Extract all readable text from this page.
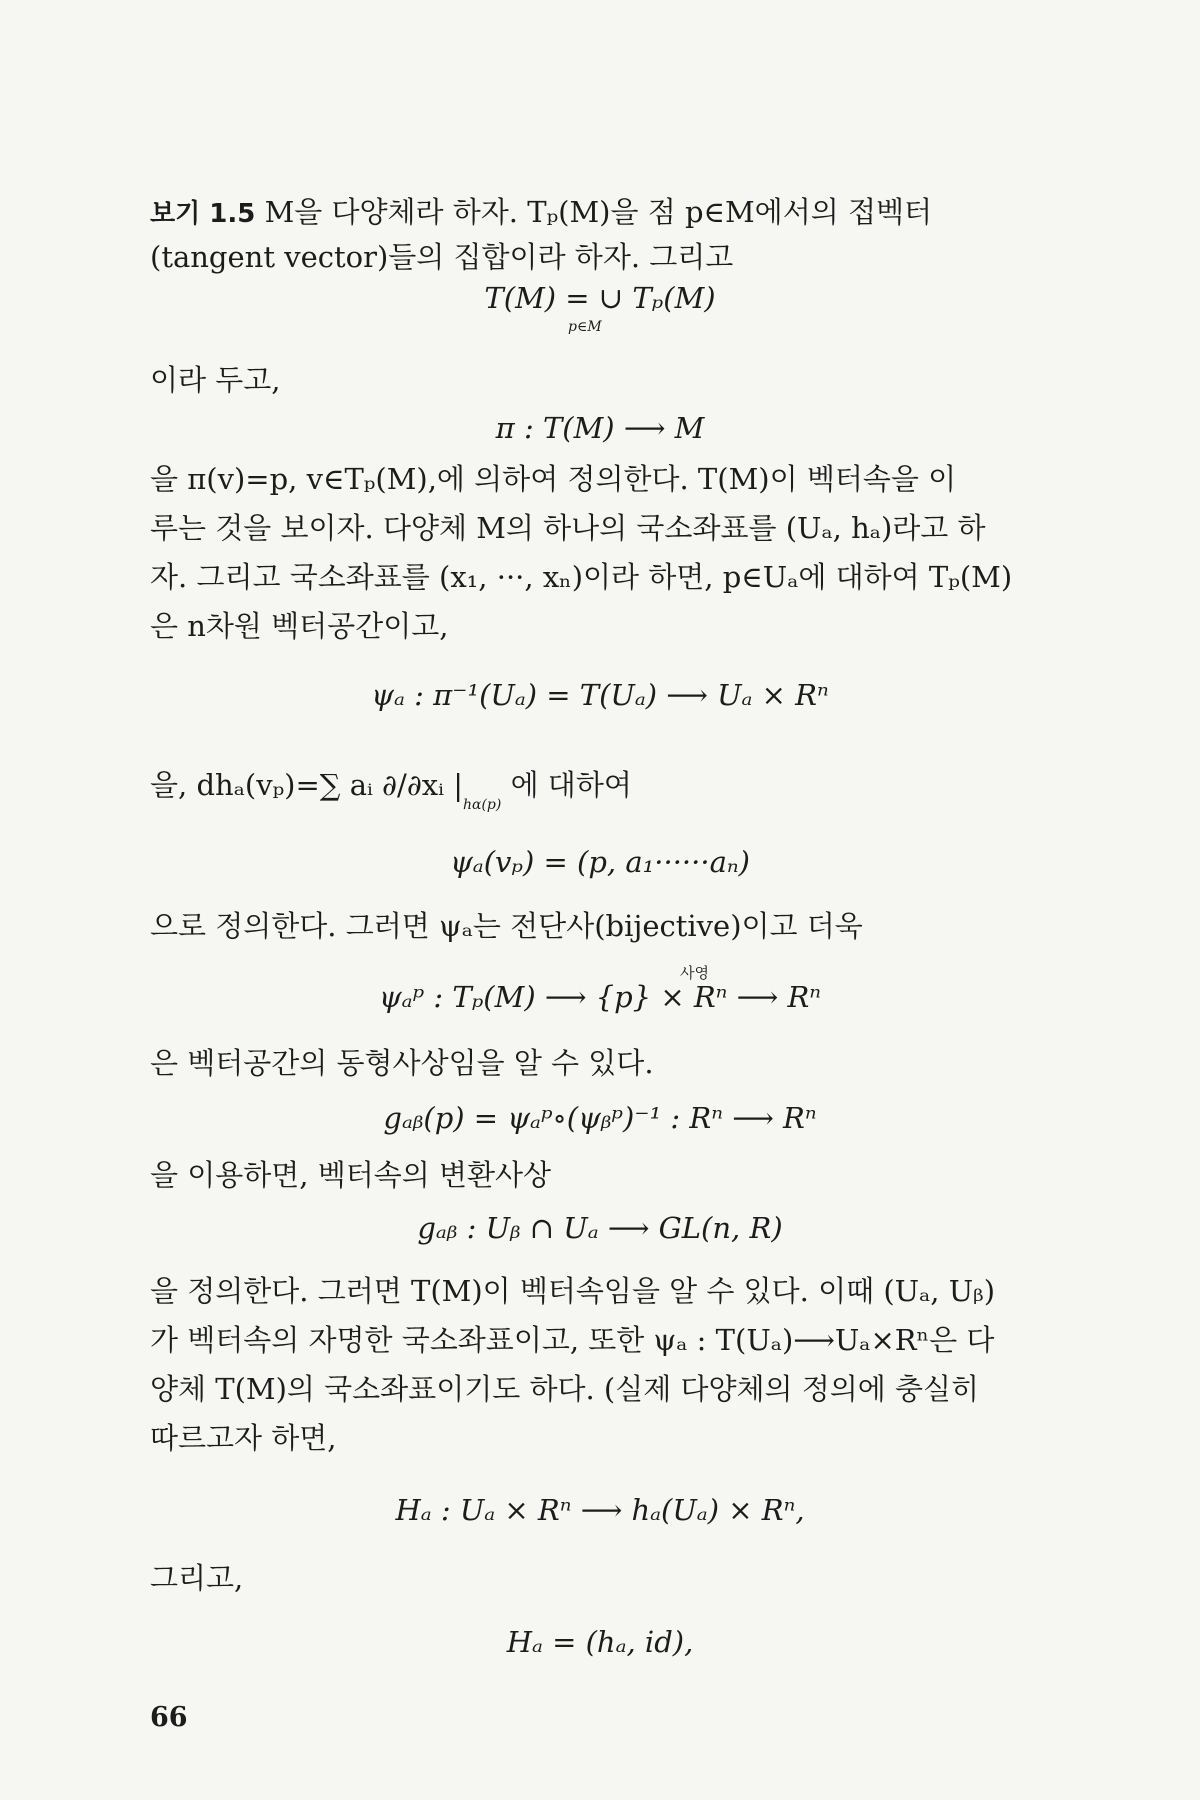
보기 1.5 M을 다양체라 하자. Tₚ(M)을 점 p∈M에서의 접벡터
(tangent vector)들의 집합이라 하자. 그리고
T(M) = ∪ Tₚ(M)
p∈M
이라 두고,
π : T(M) ⟶ M
을 π(v)=p, v∈Tₚ(M),에 의하여 정의한다. T(M)이 벡터속을 이
루는 것을 보이자. 다양체 M의 하나의 국소좌표를 (Uₐ, hₐ)라고 하
자. 그리고 국소좌표를 (x₁, ···, xₙ)이라 하면, p∈Uₐ에 대하여 Tₚ(M)
은 n차원 벡터공간이고,
ψₐ : π⁻¹(Uₐ) = T(Uₐ) ⟶ Uₐ × Rⁿ
을, dhₐ(vₚ)=∑ aᵢ ∂/∂xᵢ $|_{h\alpha(p)}$ 에 대하여
ψₐ(vₚ) = (p, a₁······aₙ)
으로 정의한다. 그러면 ψₐ는 전단사(bijective)이고 더욱
ψₐᵖ : Tₚ(M) ⟶ {p} × Rⁿ ⟶ Rⁿ
사영
은 벡터공간의 동형사상임을 알 수 있다.
gₐᵦ(p) = ψₐᵖ∘(ψᵦᵖ)⁻¹ : Rⁿ ⟶ Rⁿ
을 이용하면, 벡터속의 변환사상
gₐᵦ : Uᵦ ∩ Uₐ ⟶ GL(n, R)
을 정의한다. 그러면 T(M)이 벡터속임을 알 수 있다. 이때 (Uₐ, Uᵦ)
가 벡터속의 자명한 국소좌표이고, 또한 ψₐ : T(Uₐ)⟶Uₐ×Rⁿ은 다
양체 T(M)의 국소좌표이기도 하다. (실제 다양체의 정의에 충실히
따르고자 하면,
Hₐ : Uₐ × Rⁿ ⟶ hₐ(Uₐ) × Rⁿ,
그리고,
Hₐ = (hₐ, id),
66
